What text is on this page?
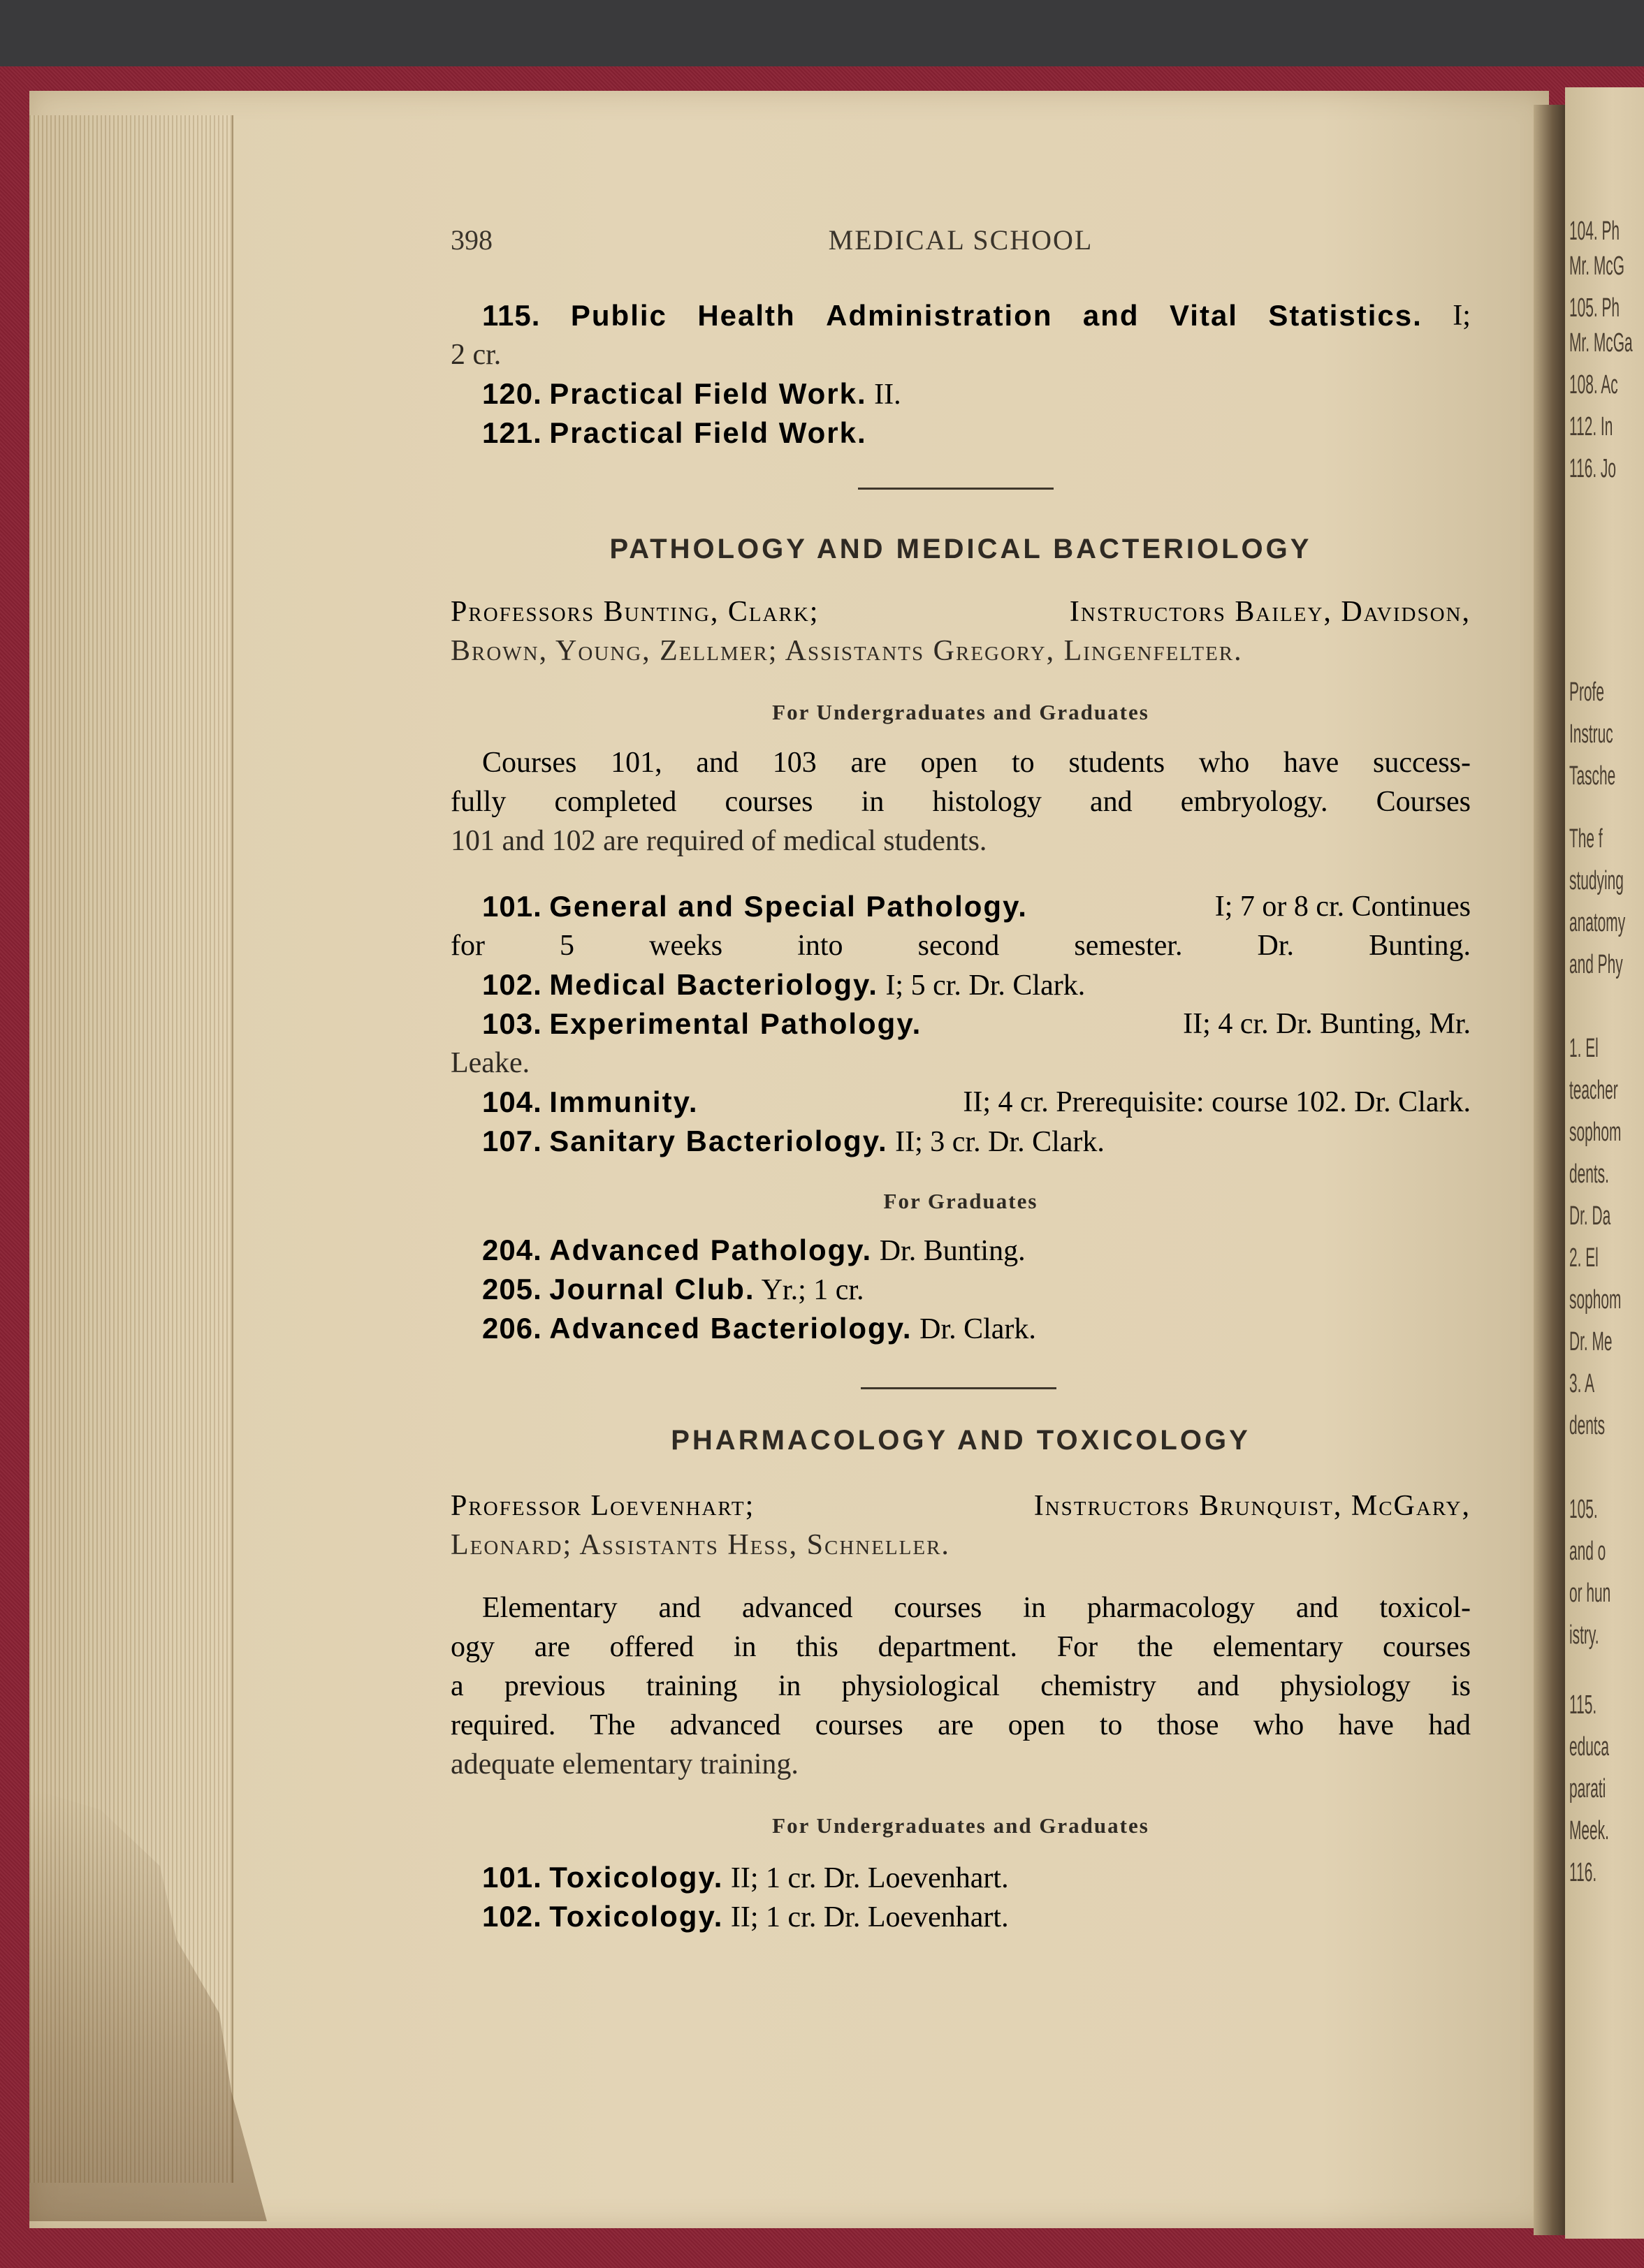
104. Ph
Mr. McG
105. Ph
Mr. McGa
108. Ac
112. In
116. Jo
Profe
Instruc
Tasche
The f
studying
anatomy
and Phy
1. El
teacher
sophom
dents.
Dr. Da
2. El
sophom
Dr. Me
3. A
dents
105.
and o
or hun
istry.
115.
educa
parati
Meek.
116.
398	MEDICAL SCHOOL
115. Public Health Administration and Vital Statistics. I;
2 cr.
120. Practical Field Work. II.
121. Practical Field Work.
PATHOLOGY AND MEDICAL BACTERIOLOGY
Professors Bunting, Clark;	Instructors Bailey, Davidson,
Brown, Young, Zellmer; Assistants Gregory, Lingenfelter.
For Undergraduates and Graduates
Courses 101, and 103 are open to students who have success-
fully completed courses in histology and embryology. Courses
101 and 102 are required of medical students.
101. General and Special Pathology.	I; 7 or 8 cr. Continues
for 5 weeks into second semester. Dr. Bunting.
102. Medical Bacteriology. I; 5 cr. Dr. Clark.
103. Experimental Pathology.	II; 4 cr. Dr. Bunting, Mr.
Leake.
104. Immunity.	II; 4 cr. Prerequisite: course 102. Dr. Clark.
107. Sanitary Bacteriology. II; 3 cr. Dr. Clark.
For Graduates
204. Advanced Pathology. Dr. Bunting.
205. Journal Club. Yr.; 1 cr.
206. Advanced Bacteriology. Dr. Clark.
PHARMACOLOGY AND TOXICOLOGY
Professor Loevenhart;	Instructors Brunquist, McGary,
Leonard; Assistants Hess, Schneller.
Elementary and advanced courses in pharmacology and toxicol-
ogy are offered in this department. For the elementary courses
a previous training in physiological chemistry and physiology is
required. The advanced courses are open to those who have had
adequate elementary training.
For Undergraduates and Graduates
101. Toxicology. II; 1 cr. Dr. Loevenhart.
102. Toxicology. II; 1 cr. Dr. Loevenhart.
